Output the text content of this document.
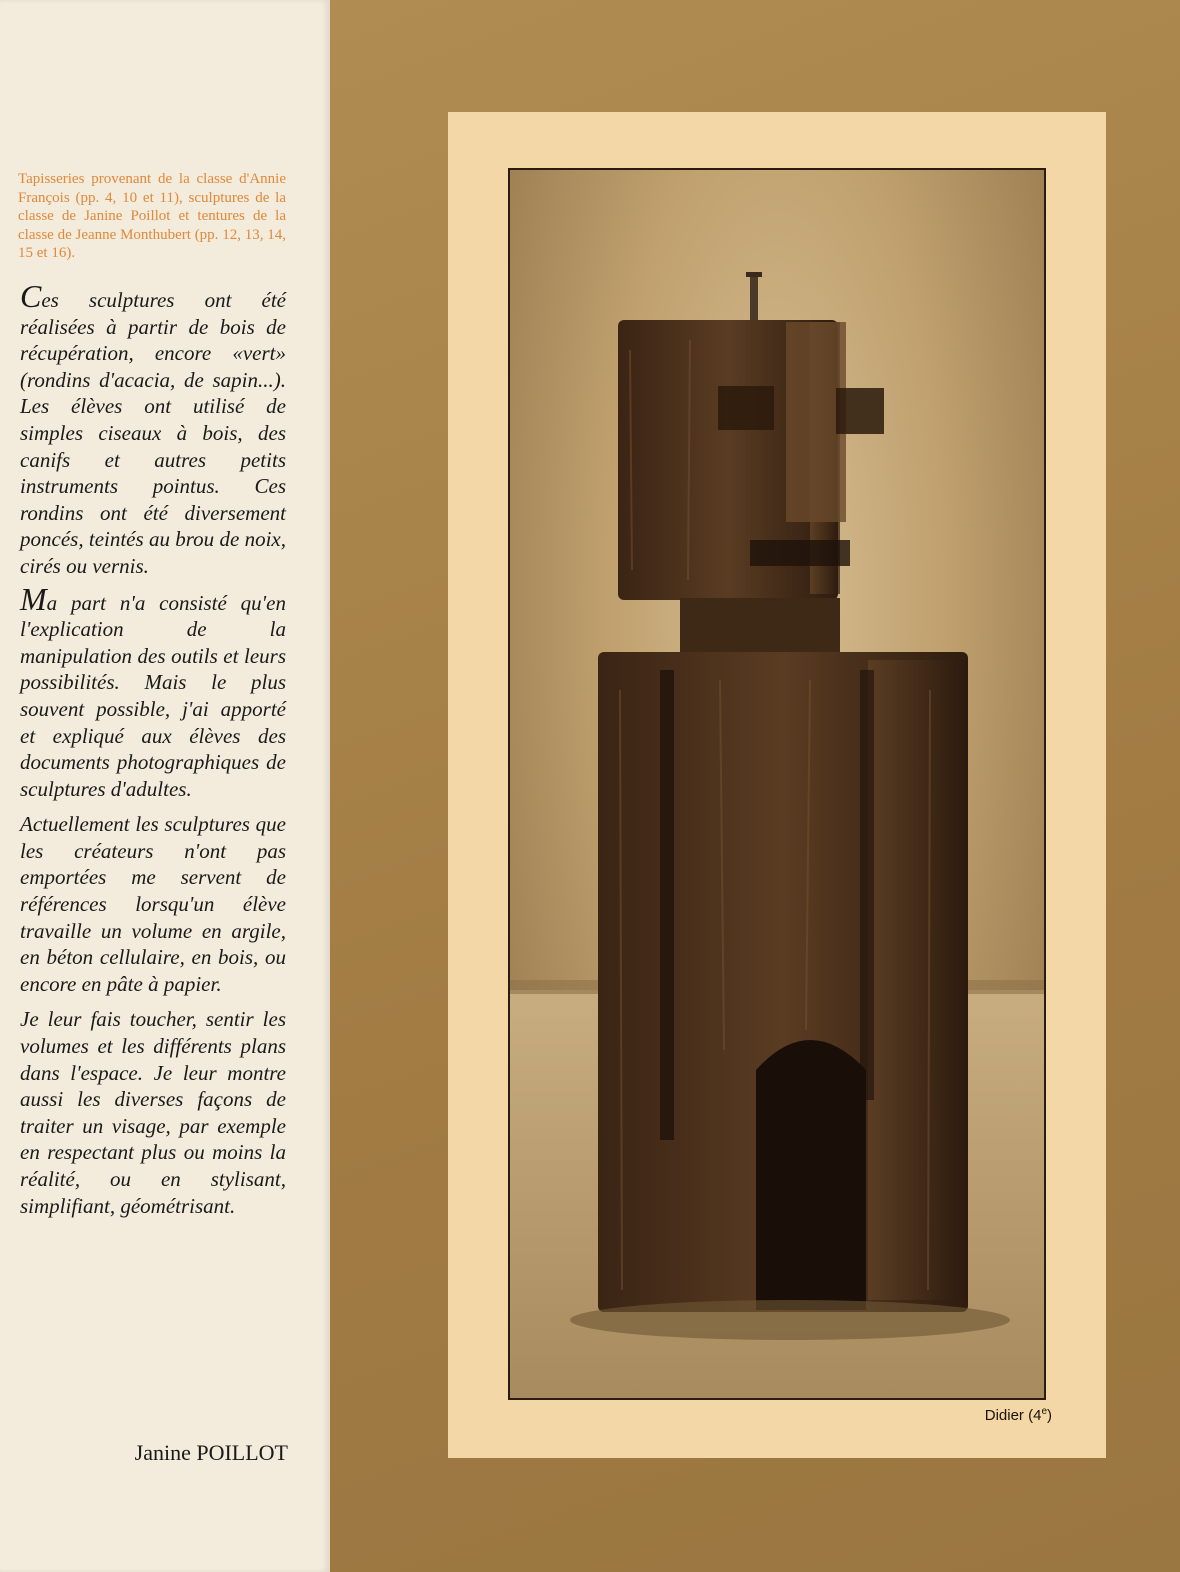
Tapisseries provenant de la classe d'Annie François (pp. 4, 10 et 11), sculptures de la classe de Janine Poillot et tentures de la classe de Jeanne Monthubert (pp. 12, 13, 14, 15 et 16).

Ces sculptures ont été réalisées à partir de bois de récupération, encore «vert» (rondins d'acacia, de sapin...). Les élèves ont utilisé de simples ciseaux à bois, des canifs et autres petits instruments pointus. Ces rondins ont été diversement poncés, teintés au brou de noix, cirés ou vernis.

Ma part n'a consisté qu'en l'explication de la manipulation des outils et leurs possibilités. Mais le plus souvent possible, j'ai apporté et expliqué aux élèves des documents photographiques de sculptures d'adultes.

Actuellement les sculptures que les créateurs n'ont pas emportées me servent de références lorsqu'un élève travaille un volume en argile, en béton cellulaire, en bois, ou encore en pâte à papier.

Je leur fais toucher, sentir les volumes et les différents plans dans l'espace. Je leur montre aussi les diverses façons de traiter un visage, par exemple en respectant plus ou moins la réalité, ou en stylisant, simplifiant, géométrisant.

Janine POILLOT
Didier (4e)
